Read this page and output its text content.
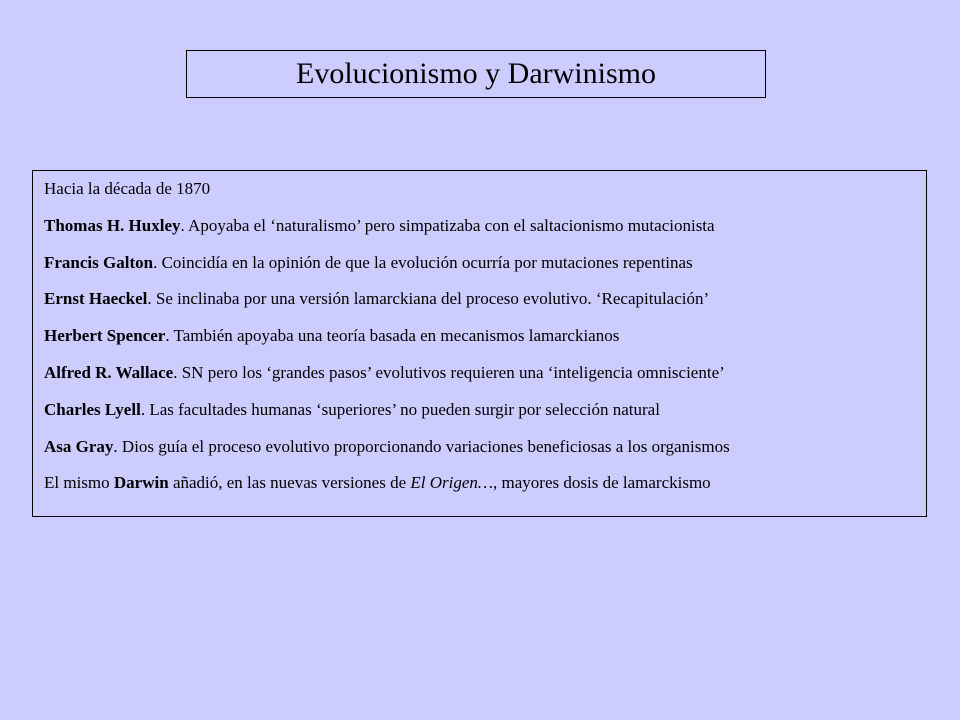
Evolucionismo y Darwinismo
Hacia la década de 1870
Thomas H. Huxley. Apoyaba el ‘naturalismo’ pero simpatizaba con el saltacionismo mutacionista
Francis Galton. Coincidía en la opinión de que la evolución ocurría por mutaciones repentinas
Ernst Haeckel. Se inclinaba por una versión lamarckiana del proceso evolutivo. ‘Recapitulación’
Herbert Spencer. También apoyaba una teoría basada en mecanismos lamarckianos
Alfred R. Wallace. SN pero los ‘grandes pasos’ evolutivos requieren una ‘inteligencia omnisciente’
Charles Lyell. Las facultades humanas ‘superiores’ no pueden surgir por selección natural
Asa Gray. Dios guía el proceso evolutivo proporcionando variaciones beneficiosas a los organismos
El mismo Darwin añadió, en las nuevas versiones de El Origen…, mayores dosis de lamarckismo
